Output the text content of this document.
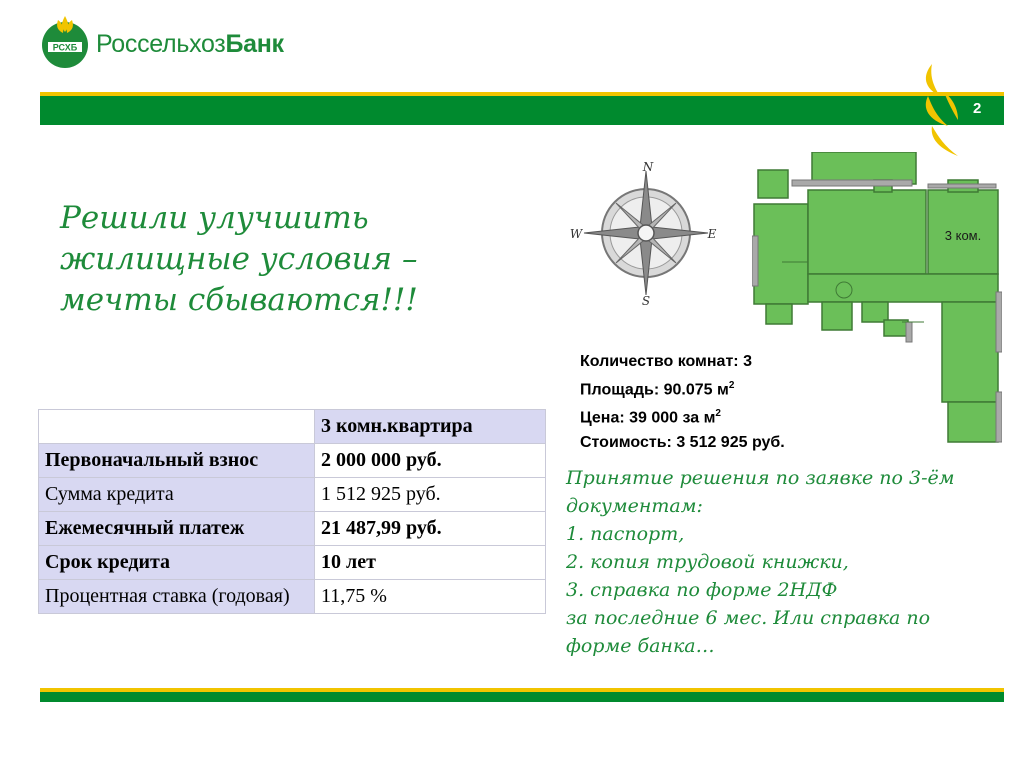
РСХБ РоссельхозБанк
2
Решили улучшить
жилищные условия –
мечты сбываются!!!
N
S
W	E	3 ком.
Количество комнат: 3
Площадь: 90.075 $м^2$
Цена: 39 000 за $м^2$
Стоимость: 3 512 925 руб.
Принятие решения по заявке по 3-ём
документам:
1. паспорт,
2. копия трудовой книжки,
3. справка по форме 2НДФ
за последние 6 мес. Или справка по
форме банка…
	3 комн.квартира
Первоначальный взнос	2 000 000 руб.
Сумма кредита	1 512 925 руб.
Ежемесячный платеж	21 487,99 руб.
Срок кредита	10 лет
Процентная ставка (годовая)	11,75 %
